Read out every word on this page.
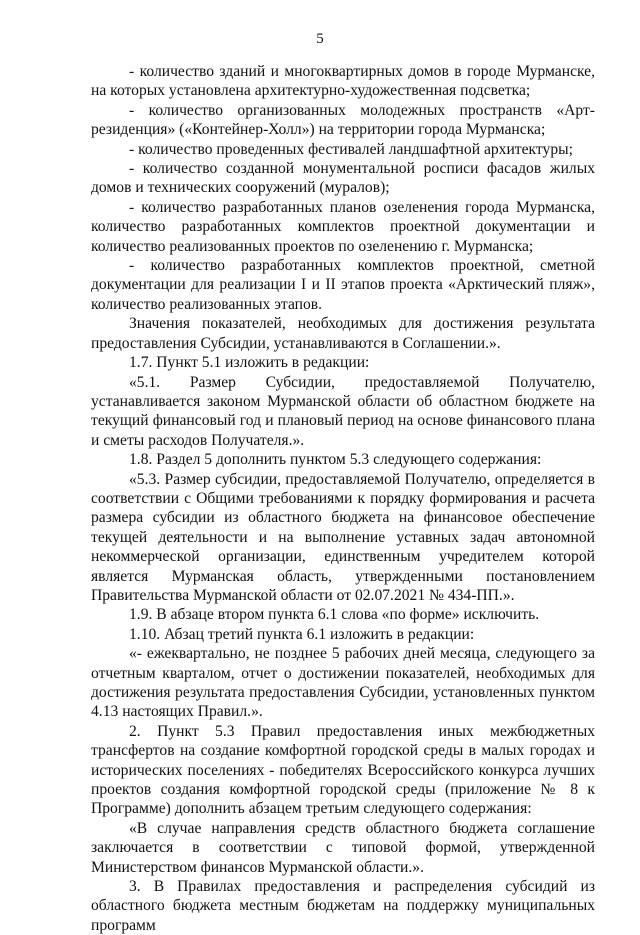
5

- количество зданий и многоквартирных домов в городе Мурманске, на которых установлена архитектурно-художественная подсветка;

- количество организованных молодежных пространств «Арт-резиденция» («Контейнер-Холл») на территории города Мурманска;

- количество проведенных фестивалей ландшафтной архитектуры;

- количество созданной монументальной росписи фасадов жилых домов и технических сооружений (муралов);

- количество разработанных планов озеленения города Мурманска, количество разработанных комплектов проектной документации и количество реализованных проектов по озеленению г. Мурманска;

- количество разработанных комплектов проектной, сметной документации для реализации I и II этапов проекта «Арктический пляж», количество реализованных этапов.

Значения показателей, необходимых для достижения результата предоставления Субсидии, устанавливаются в Соглашении.».

1.7. Пункт 5.1 изложить в редакции:

«5.1. Размер Субсидии, предоставляемой Получателю, устанавливается законом Мурманской области об областном бюджете на текущий финансовый год и плановый период на основе финансового плана и сметы расходов Получателя.».

1.8. Раздел 5 дополнить пунктом 5.3 следующего содержания:

«5.3. Размер субсидии, предоставляемой Получателю, определяется в соответствии с Общими требованиями к порядку формирования и расчета размера субсидии из областного бюджета на финансовое обеспечение текущей деятельности и на выполнение уставных задач автономной некоммерческой организации, единственным учредителем которой является Мурманская область, утвержденными постановлением Правительства Мурманской области от 02.07.2021 № 434-ПП.».

1.9. В абзаце втором пункта 6.1 слова «по форме» исключить.

1.10. Абзац третий пункта 6.1 изложить в редакции:

«- ежеквартально, не позднее 5 рабочих дней месяца, следующего за отчетным кварталом, отчет о достижении показателей, необходимых для достижения результата предоставления Субсидии, установленных пунктом 4.13 настоящих Правил.».

2. Пункт 5.3 Правил предоставления иных межбюджетных трансфертов на создание комфортной городской среды в малых городах и исторических поселениях - победителях Всероссийского конкурса лучших проектов создания комфортной городской среды (приложение № 8 к Программе) дополнить абзацем третьим следующего содержания:

«В случае направления средств областного бюджета соглашение заключается в соответствии с типовой формой, утвержденной Министерством финансов Мурманской области.».

3. В Правилах предоставления и распределения субсидий из областного бюджета местным бюджетам на поддержку муниципальных программ
